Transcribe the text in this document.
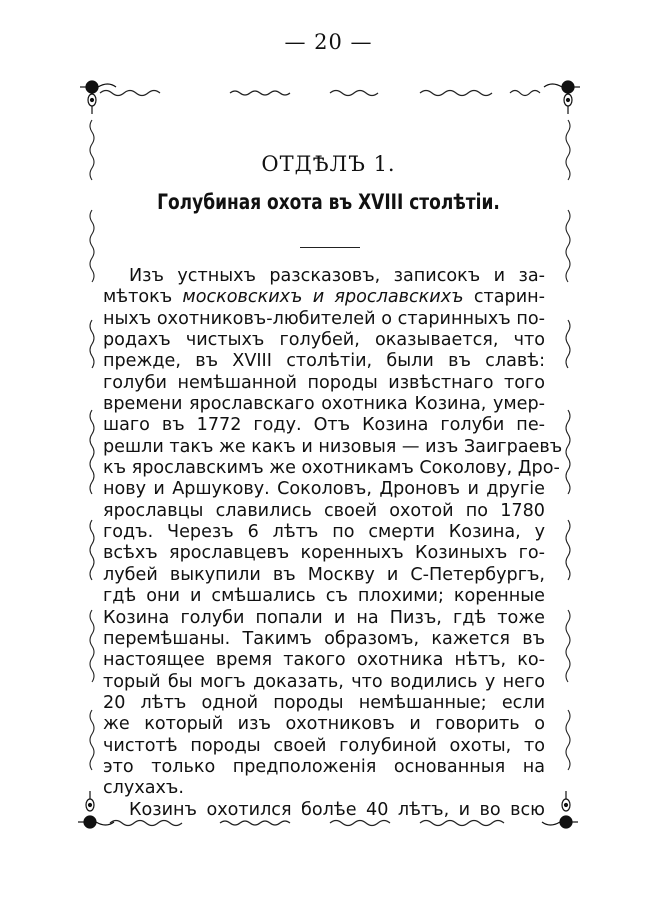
— 20 —
ОТДѢЛЪ 1.
Голубиная охота въ XVIII столѣтіи.
Изъ устныхъ разсказовъ, записокъ и за-
мѣтокъ московскихъ и ярославскихъ старин-
ныхъ охотниковъ-любителей о старинныхъ по-
родахъ чистыхъ голубей, оказывается, что
прежде, въ XVIII столѣтіи, были въ славѣ:
голуби немѣшанной породы извѣстнаго того
времени ярославскаго охотника Козина, умер-
шаго въ 1772 году. Отъ Козина голуби пе-
решли такъ же какъ и низовыя — изъ Заиграевъ
къ ярославскимъ же охотникамъ Соколову, Дро-
нову и Аршукову. Соколовъ, Дроновъ и другіе
ярославцы славились своей охотой по 1780
годъ. Черезъ 6 лѣтъ по смерти Козина, у
всѣхъ ярославцевъ коренныхъ Козиныхъ го-
лубей выкупили въ Москву и С-Петербургъ,
гдѣ они и смѣшались съ плохими; коренные
Козина голуби попали и на Пизъ, гдѣ тоже
перемѣшаны. Такимъ образомъ, кажется въ
настоящее время такого охотника нѣтъ, ко-
торый бы могъ доказать, что водились у него
20 лѣтъ одной породы немѣшанные; если
же который изъ охотниковъ и говорить о
чистотѣ породы своей голубиной охоты, то
это только предположенія основанныя на
слухахъ.
Козинъ охотился болѣе 40 лѣтъ, и во всю
